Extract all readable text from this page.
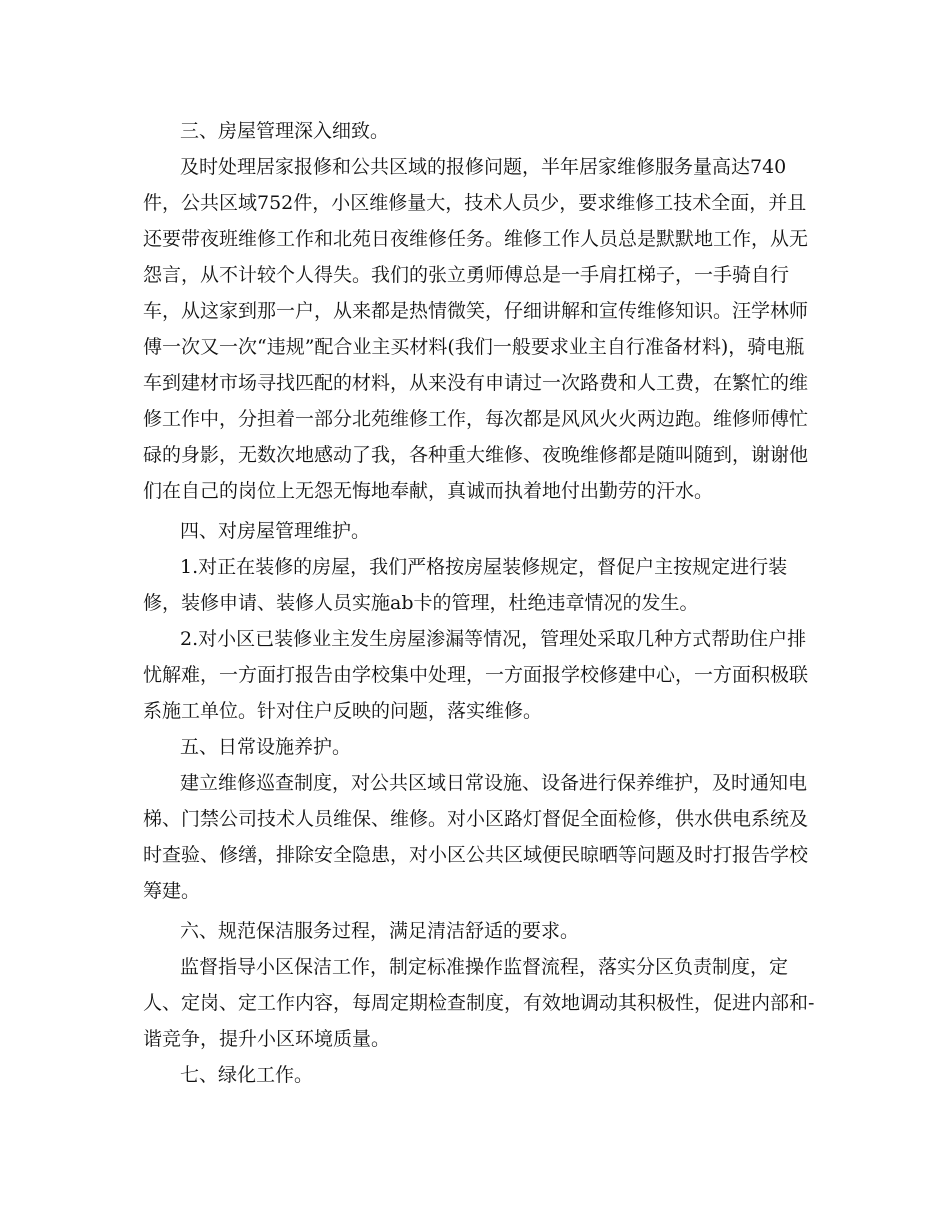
三、房屋管理深入细致。
及时处理居家报修和公共区域的报修问题，半年居家维修服务量高达740
件，公共区域752件，小区维修量大，技术人员少，要求维修工技术全面，并且
还要带夜班维修工作和北苑日夜维修任务。维修工作人员总是默默地工作，从无
怨言，从不计较个人得失。我们的张立勇师傅总是一手肩扛梯子，一手骑自行
车，从这家到那一户，从来都是热情微笑，仔细讲解和宣传维修知识。汪学林师
傅一次又一次“违规”配合业主买材料(我们一般要求业主自行准备材料)，骑电瓶
车到建材市场寻找匹配的材料，从来没有申请过一次路费和人工费，在繁忙的维
修工作中，分担着一部分北苑维修工作，每次都是风风火火两边跑。维修师傅忙
碌的身影，无数次地感动了我，各种重大维修、夜晚维修都是随叫随到，谢谢他
们在自己的岗位上无怨无悔地奉献，真诚而执着地付出勤劳的汗水。
四、对房屋管理维护。
1.对正在装修的房屋，我们严格按房屋装修规定，督促户主按规定进行装
修，装修申请、装修人员实施ab卡的管理，杜绝违章情况的发生。
2.对小区已装修业主发生房屋渗漏等情况，管理处采取几种方式帮助住户排
忧解难，一方面打报告由学校集中处理，一方面报学校修建中心，一方面积极联
系施工单位。针对住户反映的问题，落实维修。
五、日常设施养护。
建立维修巡查制度，对公共区域日常设施、设备进行保养维护，及时通知电
梯、门禁公司技术人员维保、维修。对小区路灯督促全面检修，供水供电系统及
时查验、修缮，排除安全隐患，对小区公共区域便民晾晒等问题及时打报告学校
筹建。
六、规范保洁服务过程，满足清洁舒适的要求。
监督指导小区保洁工作，制定标准操作监督流程，落实分区负责制度，定
人、定岗、定工作内容，每周定期检查制度，有效地调动其积极性，促进内部和-
谐竞争，提升小区环境质量。
七、绿化工作。
